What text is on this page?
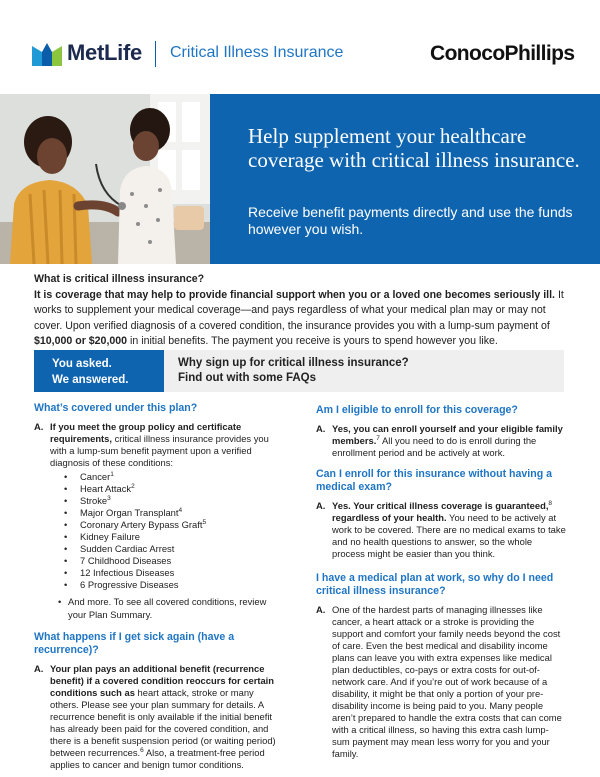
MetLife Critical Illness Insurance	ConocoPhillips
Help supplement your healthcare coverage with critical illness insurance.
Receive benefit payments directly and use the funds however you wish.
What is critical illness insurance?
It is coverage that may help to provide financial support when you or a loved one becomes seriously ill. It works to supplement your medical coverage—and pays regardless of what your medical plan may or may not cover. Upon verified diagnosis of a covered condition, the insurance provides you with a lump-sum payment of $10,000 or $20,000 in initial benefits. The payment you receive is yours to spend however you like.
You asked.
We answered.
Why sign up for critical illness insurance?
Find out with some FAQs
What’s covered under this plan?
A. If you meet the group policy and certificate requirements, critical illness insurance provides you with a lump-sum benefit payment upon a verified diagnosis of these conditions:
• Cancer$^1$
• Heart Attack$^2$
• Stroke$^3$
• Major Organ Transplant$^4$
• Coronary Artery Bypass Graft$^5$
• Kidney Failure
• Sudden Cardiac Arrest
• 7 Childhood Diseases
• 12 Infectious Diseases
• 6 Progressive Diseases
• And more. To see all covered conditions, review your Plan Summary.
What happens if I get sick again (have a recurrence)?
A. Your plan pays an additional benefit (recurrence benefit) if a covered condition reoccurs for certain conditions such as heart attack, stroke or many others. Please see your plan summary for details. A recurrence benefit is only available if the initial benefit has already been paid for the covered condition, and there is a benefit suspension period (or waiting period) between recurrences.$^6$ Also, a treatment-free period applies to cancer and benign tumor conditions.
Am I eligible to enroll for this coverage?
A. Yes, you can enroll yourself and your eligible family members.$^7$ All you need to do is enroll during the enrollment period and be actively at work.
Can I enroll for this insurance without having a medical exam?
A. Yes. Your critical illness coverage is guaranteed,$^8$ regardless of your health. You need to be actively at work to be covered. There are no medical exams to take and no health questions to answer, so the whole process might be easier than you think.
I have a medical plan at work, so why do I need critical illness insurance?
A. One of the hardest parts of managing illnesses like cancer, a heart attack or a stroke is providing the support and comfort your family needs beyond the cost of care. Even the best medical and disability income plans can leave you with extra expenses like medical plan deductibles, co-pays or extra costs for out-of-network care. And if you’re out of work because of a disability, it might be that only a portion of your pre-disability income is being paid to you. Many people aren’t prepared to handle the extra costs that can come with a critical illness, so having this extra cash lump-sum payment may mean less worry for you and your family.
